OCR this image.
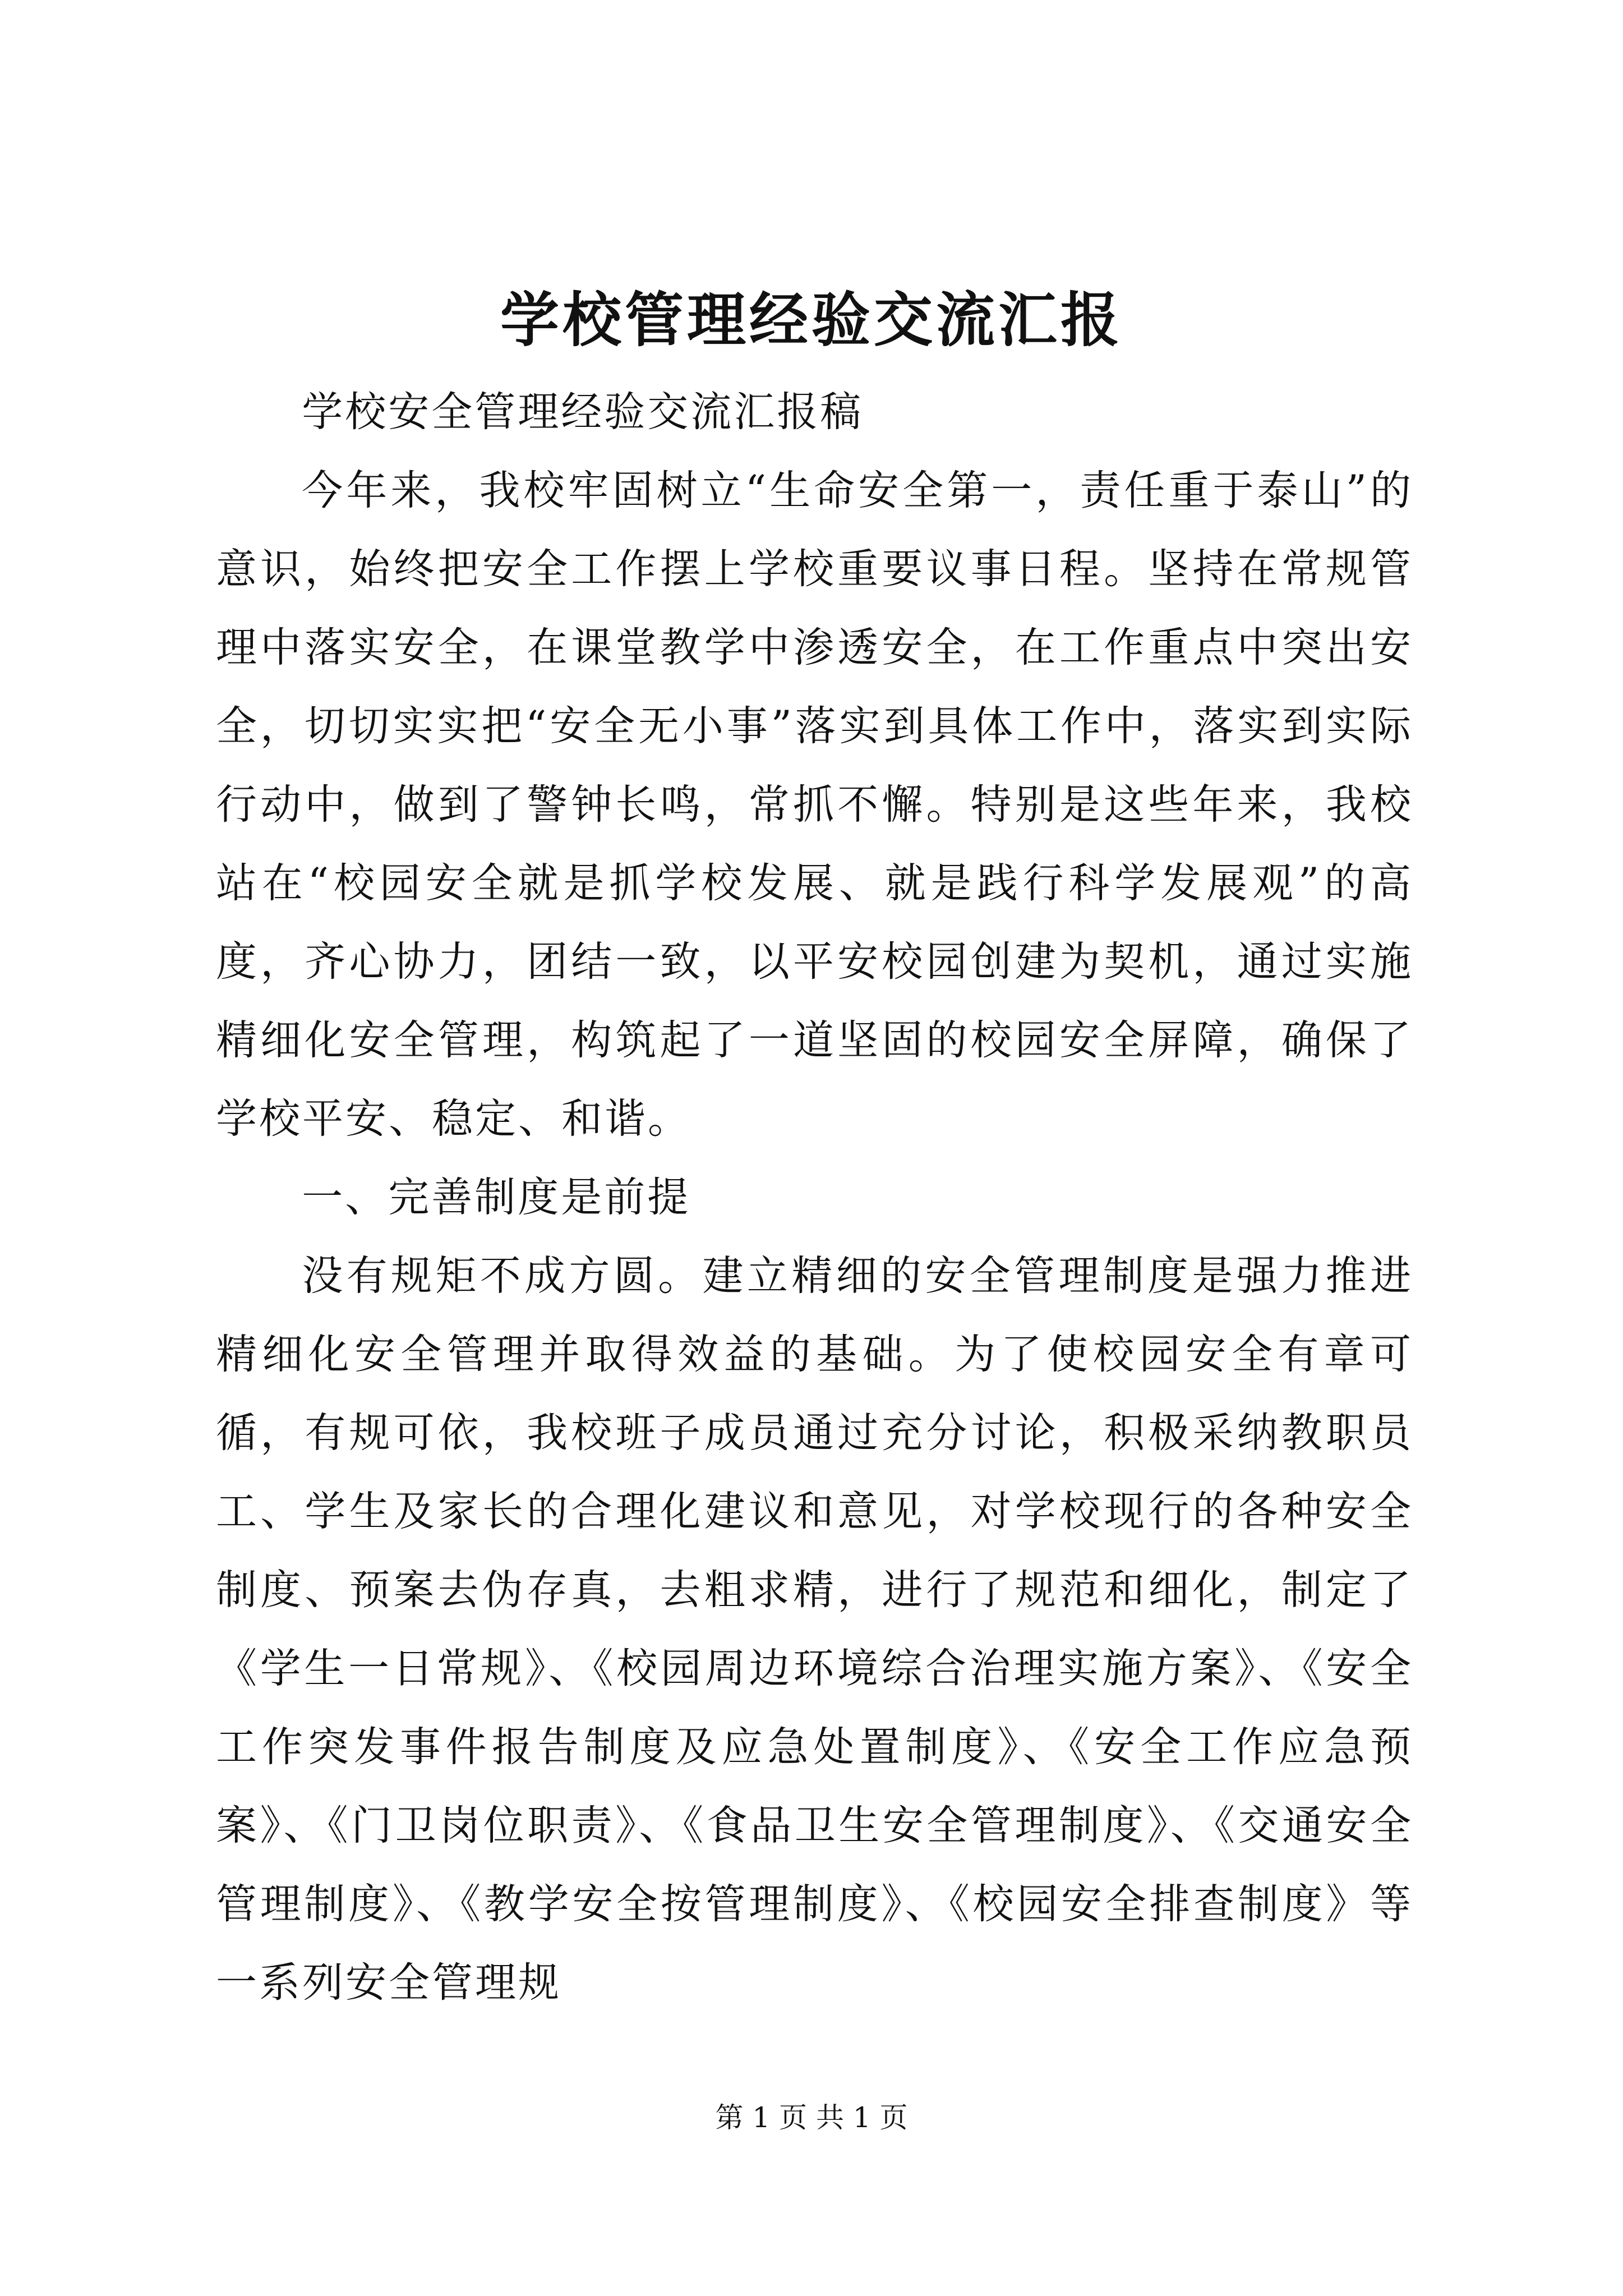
学校管理经验交流汇报

学校安全管理经验交流汇报稿

今年来，我校牢固树立“生命安全第一，责任重于泰山”的意识，始终把安全工作摆上学校重要议事日程。坚持在常规管理中落实安全，在课堂教学中渗透安全，在工作重点中突出安全，切切实实把“安全无小事”落实到具体工作中，落实到实际行动中，做到了警钟长鸣，常抓不懈。特别是这些年来，我校站在“校园安全就是抓学校发展、就是践行科学发展观”的高度，齐心协力，团结一致，以平安校园创建为契机，通过实施精细化安全管理，构筑起了一道坚固的校园安全屏障，确保了学校平安、稳定、和谐。

一、完善制度是前提

没有规矩不成方圆。建立精细的安全管理制度是强力推进精细化安全管理并取得效益的基础。为了使校园安全有章可循，有规可依，我校班子成员通过充分讨论，积极采纳教职员工、学生及家长的合理化建议和意见，对学校现行的各种安全制度、预案去伪存真，去粗求精，进行了规范和细化，制定了《学生一日常规》、《校园周边环境综合治理实施方案》、《安全工作突发事件报告制度及应急处置制度》、《安全工作应急预案》、《门卫岗位职责》、《食品卫生安全管理制度》、《交通安全管理制度》、《教学安全按管理制度》、《校园安全排查制度》等一系列安全管理规

第 1 页 共 1 页
